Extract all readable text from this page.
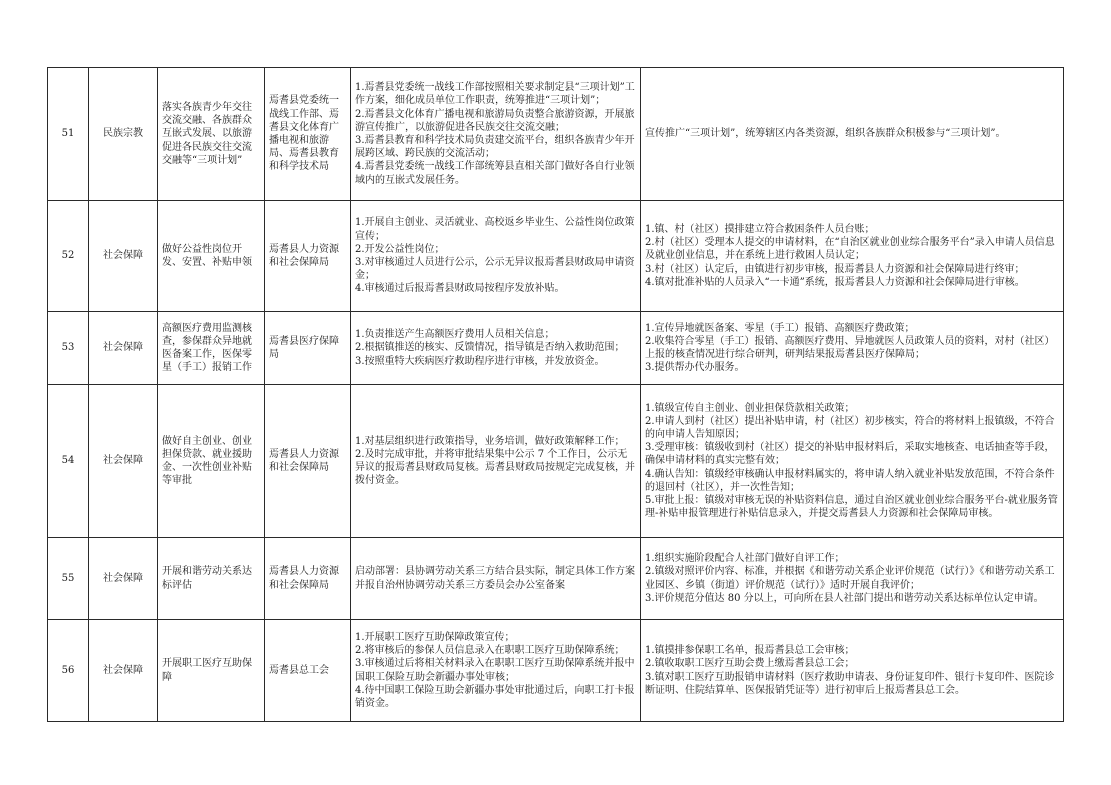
51	民族宗教	落实各族青少年交往交流交融、各族群众互嵌式发展、以旅游促进各民族交往交流交融等“三项计划”	焉耆县党委统一战线工作部、焉耆县文化体育广播电视和旅游局、焉耆县教育和科学技术局	1.焉耆县党委统一战线工作部按照相关要求制定县“三项计划”工作方案，细化成员单位工作职责，统筹推进“三项计划”；
2.焉耆县文化体育广播电视和旅游局负责整合旅游资源，开展旅游宣传推广，以旅游促进各民族交往交流交融；
3.焉耆县教育和科学技术局负责建交流平台，组织各族青少年开展跨区域、跨民族的交流活动；
4.焉耆县党委统一战线工作部统筹县直相关部门做好各自行业领域内的互嵌式发展任务。	宣传推广“三项计划”，统筹辖区内各类资源，组织各族群众积极参与“三项计划”。

52	社会保障	做好公益性岗位开发、安置、补贴申领	焉耆县人力资源和社会保障局	1.开展自主创业、灵活就业、高校返乡毕业生、公益性岗位政策宣传；
2.开发公益性岗位；
3.对审核通过人员进行公示，公示无异议报焉耆县财政局申请资金；
4.审核通过后报焉耆县财政局按程序发放补贴。	1.镇、村（社区）摸排建立符合救困条件人员台账；
2.村（社区）受理本人提交的申请材料，在“自治区就业创业综合服务平台”录入申请人员信息及就业创业信息，并在系统上进行救困人员认定；
3.村（社区）认定后，由镇进行初步审核，报焉耆县人力资源和社会保障局进行终审；
4.镇对批准补贴的人员录入“一卡通”系统，报焉耆县人力资源和社会保障局进行审核。

53	社会保障	高额医疗费用监测核查，参保群众异地就医备案工作，医保零星（手工）报销工作	焉耆县医疗保障局	1.负责推送产生高额医疗费用人员相关信息；
2.根据镇推送的核实、反馈情况，指导镇是否纳入救助范围；
3.按照重特大疾病医疗救助程序进行审核，并发放资金。	1.宣传异地就医备案、零星（手工）报销、高额医疗费政策；
2.收集符合零星（手工）报销、高额医疗费用、异地就医人员政策人员的资料，对村（社区）上报的核查情况进行综合研判，研判结果报焉耆县医疗保障局；
3.提供帮办代办服务。

54	社会保障	做好自主创业、创业担保贷款、就业援助金、一次性创业补贴等审批	焉耆县人力资源和社会保障局	1.对基层组织进行政策指导，业务培训，做好政策解释工作；
2.及时完成审批，并将审批结果集中公示 7 个工作日，公示无异议的报焉耆县财政局复核。焉耆县财政局按规定完成复核，并拨付资金。	1.镇级宣传自主创业、创业担保贷款相关政策；
2.申请人到村（社区）提出补贴申请，村（社区）初步核实，符合的将材料上报镇级，不符合的向申请人告知原因；
3.受理审核：镇级收到村（社区）提交的补贴申报材料后，采取实地核查、电话抽查等手段，确保申请材料的真实完整有效；
4.确认告知：镇级经审核确认申报材料属实的，将申请人纳入就业补贴发放范围，不符合条件的退回村（社区），并一次性告知；
5.审批上报：镇级对审核无误的补贴资料信息，通过自治区就业创业综合服务平台-就业服务管理-补贴申报管理进行补贴信息录入，并提交焉耆县人力资源和社会保障局审核。

55	社会保障	开展和谐劳动关系达标评估	焉耆县人力资源和社会保障局	启动部署：县协调劳动关系三方结合县实际，制定具体工作方案并报自治州协调劳动关系三方委员会办公室备案	1.组织实施阶段配合人社部门做好自评工作；
2.镇级对照评价内容、标准，并根据《和谐劳动关系企业评价规范（试行）》《和谐劳动关系工业园区、乡镇（街道）评价规范（试行）》适时开展自我评价；
3.评价规范分值达 80 分以上，可向所在县人社部门提出和谐劳动关系达标单位认定申请。

56	社会保障	开展职工医疗互助保障	焉耆县总工会	1.开展职工医疗互助保障政策宣传；
2.将审核后的参保人员信息录入在职职工医疗互助保障系统；
3.审核通过后将相关材料录入在职职工医疗互助保障系统并报中国职工保险互助会新疆办事处审核；
4.待中国职工保险互助会新疆办事处审批通过后，向职工打卡报销资金。	1.镇摸排参保职工名单，报焉耆县总工会审核；
2.镇收取职工医疗互助会费上缴焉耆县总工会；
3.镇对职工医疗互助报销申请材料（医疗救助申请表、身份证复印件、银行卡复印件、医院诊断证明、住院结算单、医保报销凭证等）进行初审后上报焉耆县总工会。
